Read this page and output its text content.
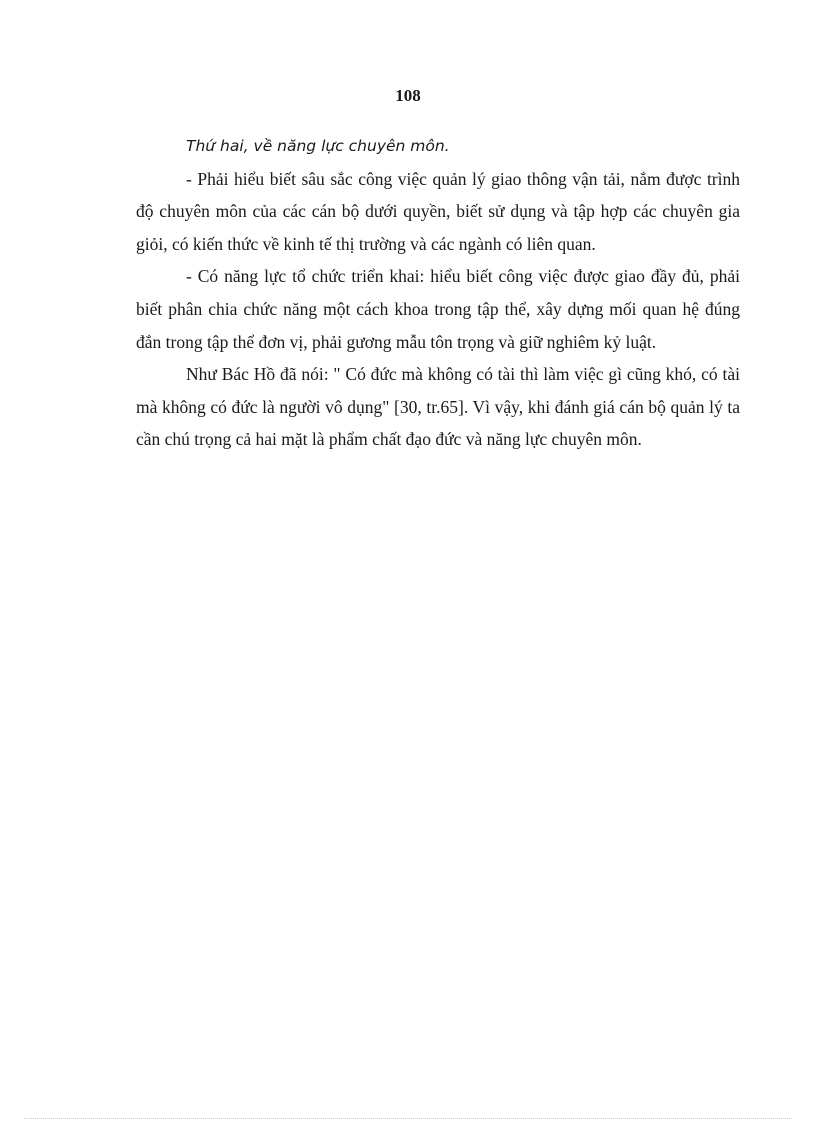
108

Thứ hai, về năng lực chuyên môn.

- Phải hiểu biết sâu sắc công việc quản lý giao thông vận tải, nắm được trình độ chuyên môn của các cán bộ dưới quyền, biết sử dụng và tập hợp các chuyên gia giỏi, có kiến thức về kinh tế thị trường và các ngành có liên quan.

- Có năng lực tổ chức triển khai: hiểu biết công việc được giao đầy đủ, phải biết phân chia chức năng một cách khoa trong tập thể, xây dựng mối quan hệ đúng đắn trong tập thể đơn vị, phải gương mẫu tôn trọng và giữ nghiêm kỷ luật.

Như Bác Hồ đã nói: " Có đức mà không có tài thì làm việc gì cũng khó, có tài mà không có đức là người vô dụng" [30, tr.65]. Vì vậy, khi đánh giá cán bộ quản lý ta cần chú trọng cả hai mặt là phẩm chất đạo đức và năng lực chuyên môn.
